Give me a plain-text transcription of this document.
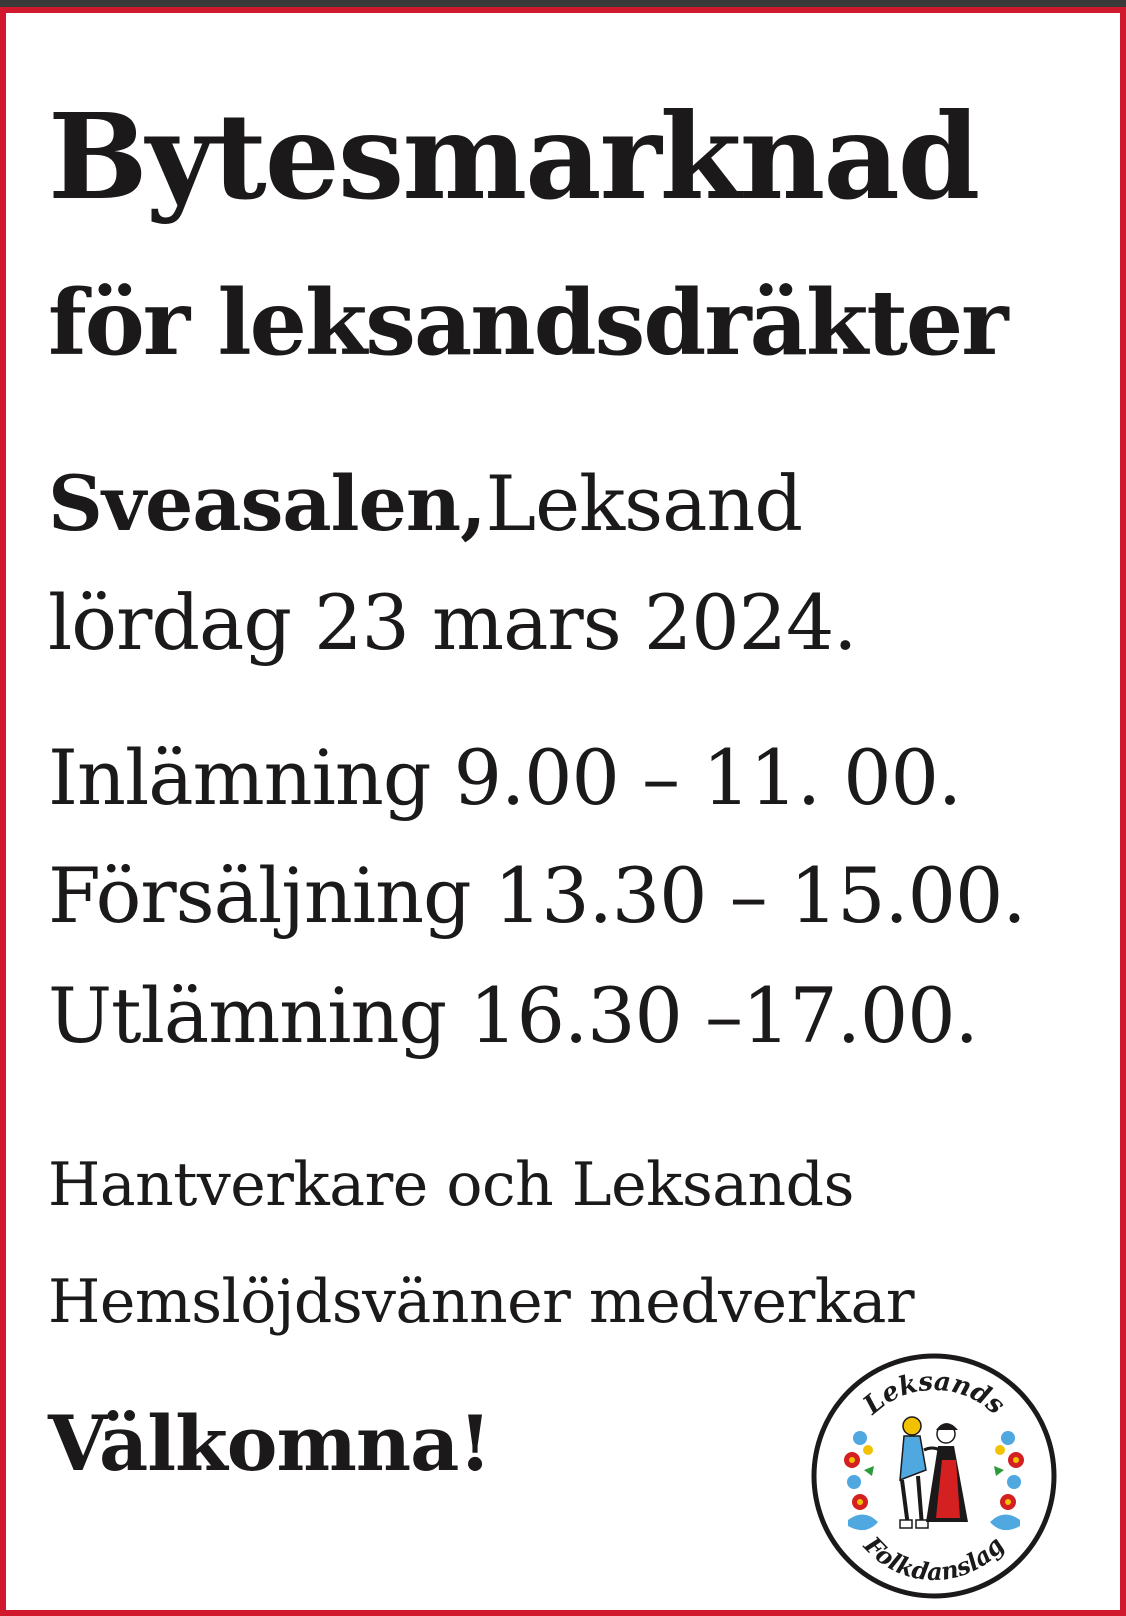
Bytesmarknad
för leksandsdräkter
Sveasalen,Leksand
lördag 23 mars 2024.
Inlämning 9.00 – 11. 00.
Försäljning 13.30 – 15.00.
Utlämning 16.30 –17.00.
Hantverkare och Leksands
Hemslöjdsvänner medverkar
Välkomna!	Leksands
Folkdanslag
